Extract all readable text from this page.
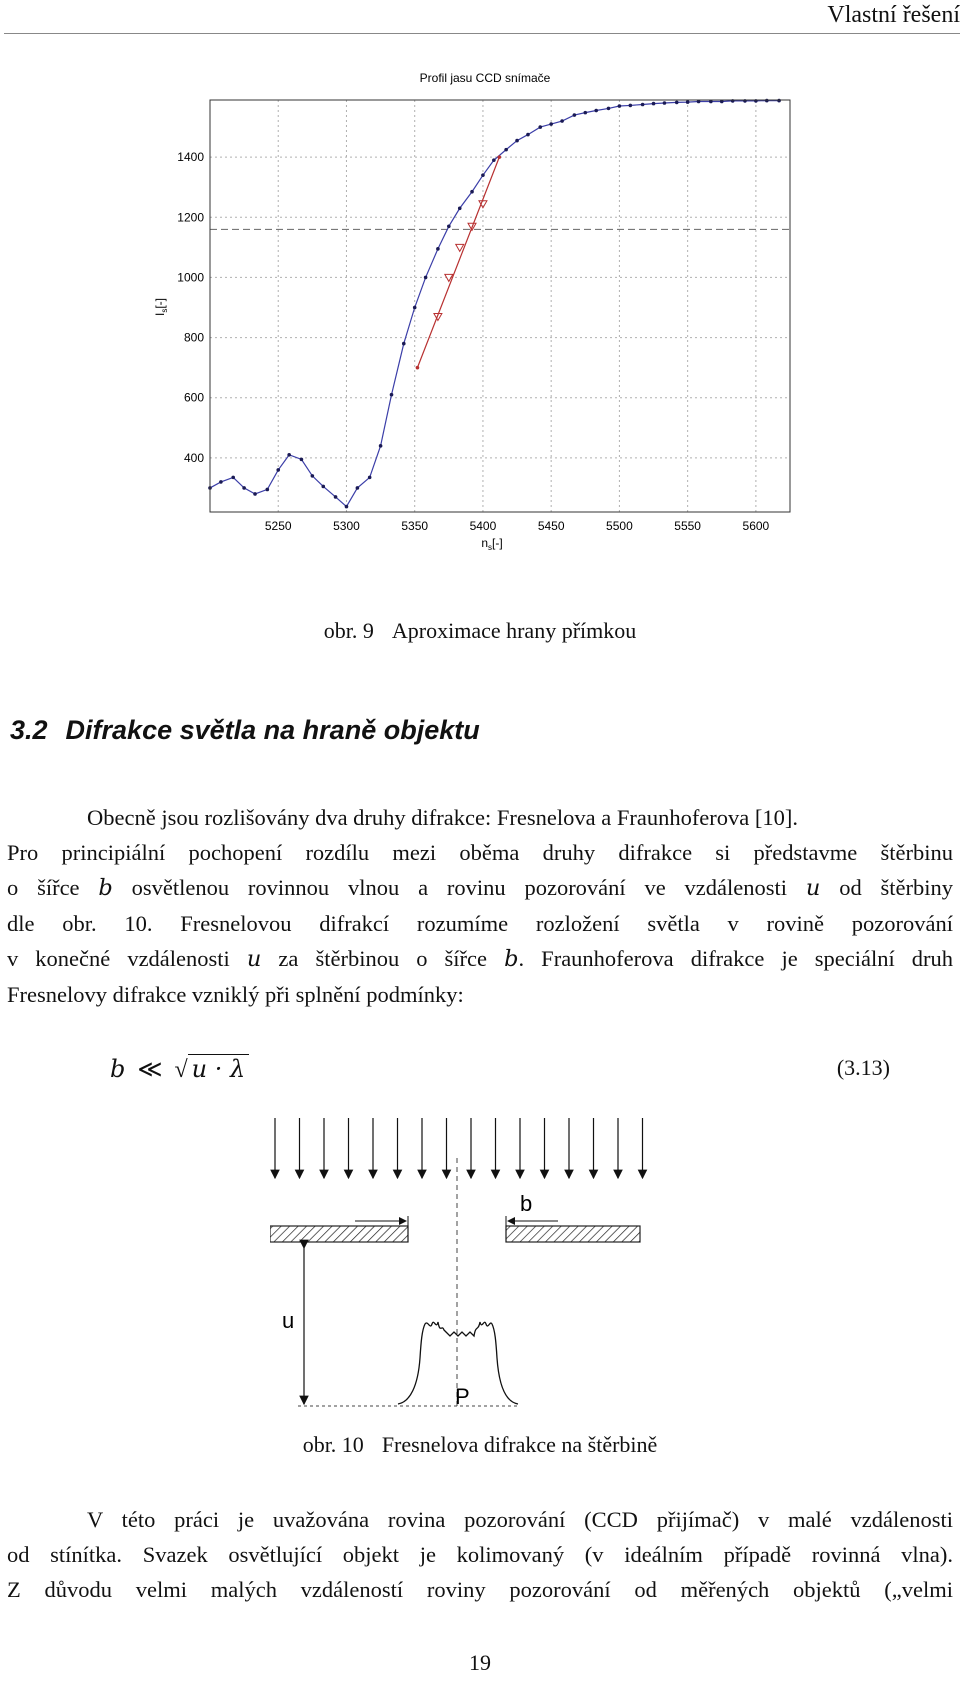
Vlastní řešení
Profil jasu CCD snímače
5250	5300	5350	5400	5450	5500	5550	5600
400
600
800
1000
1200
1400
$I_s[-]$
$n_s[-]$
obr. 9 Aproximace hrany přímkou
3.2 Difrakce světla na hraně objektu
Obecně jsou rozlišovány dva druhy difrakce: Fresnelova a Fraunhoferova [10].
Pro principiální pochopení rozdílu mezi oběma druhy difrakce si představme štěrbinu
o šířce b osvětlenou rovinnou vlnou a rovinu pozorování ve vzdálenosti u od štěrbiny
dle obr. 10. Fresnelovou difrakcí rozumíme rozložení světla v rovině pozorování
v konečné vzdálenosti u za štěrbinou o šířce b. Fraunhoferova difrakce je speciální druh
Fresnelovy difrakce vzniklý při splnění podmínky:
b ≪ √ u · λ	(3.13)
b
u
P
obr. 10 Fresnelova difrakce na štěrbině
V této práci je uvažována rovina pozorování (CCD přijímač) v malé vzdálenosti
od stínítka. Svazek osvětlující objekt je kolimovaný (v ideálním případě rovinná vlna).
Z důvodu velmi malých vzdáleností roviny pozorování od měřených objektů („velmi
19
